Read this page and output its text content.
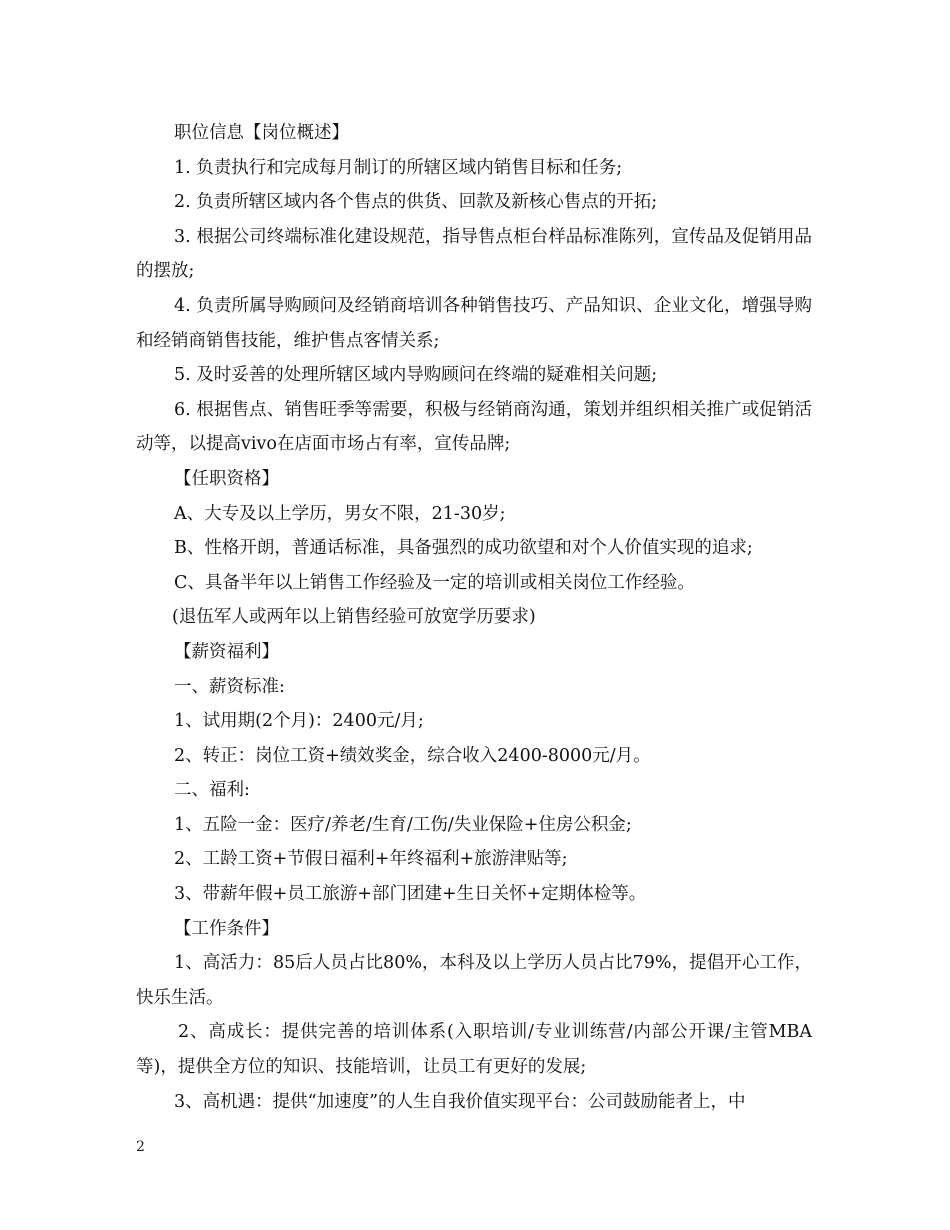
职位信息【岗位概述】

1. 负责执行和完成每月制订的所辖区域内销售目标和任务;

2. 负责所辖区域内各个售点的供货、回款及新核心售点的开拓;

3. 根据公司终端标准化建设规范，指导售点柜台样品标准陈列，宣传品及促销用品的摆放;

4. 负责所属导购顾问及经销商培训各种销售技巧、产品知识、企业文化，增强导购和经销商销售技能，维护售点客情关系;

5. 及时妥善的处理所辖区域内导购顾问在终端的疑难相关问题;

6. 根据售点、销售旺季等需要，积极与经销商沟通，策划并组织相关推广或促销活动等，以提高vivo在店面市场占有率，宣传品牌;

【任职资格】

A、大专及以上学历，男女不限，21-30岁;

B、性格开朗，普通话标准，具备强烈的成功欲望和对个人价值实现的追求;

C、具备半年以上销售工作经验及一定的培训或相关岗位工作经验。

(退伍军人或两年以上销售经验可放宽学历要求)

【薪资福利】

一、薪资标准:

1、试用期(2个月)：2400元/月;

2、转正：岗位工资+绩效奖金，综合收入2400-8000元/月。

二、福利:

1、五险一金：医疗/养老/生育/工伤/失业保险+住房公积金;

2、工龄工资+节假日福利+年终福利+旅游津贴等;

3、带薪年假+员工旅游+部门团建+生日关怀+定期体检等。

【工作条件】

1、高活力：85后人员占比80%，本科及以上学历人员占比79%，提倡开心工作，快乐生活。

2、高成长：提供完善的培训体系(入职培训/专业训练营/内部公开课/主管MBA等)，提供全方位的知识、技能培训，让员工有更好的发展;

3、高机遇：提供“加速度”的人生自我价值实现平台：公司鼓励能者上，中

2
